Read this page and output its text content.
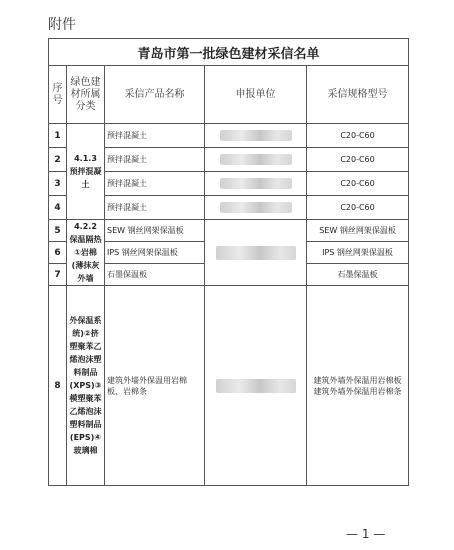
附件
青岛市第一批绿色建材采信名单				
序号	绿色建材所属分类	采信产品名称	申报单位	采信规格型号
1	4.1.3 预拌混凝土	预拌混凝土		C20-C60
2		预拌混凝土		C20-C60
3		预拌混凝土		C20-C60
4		预拌混凝土		C20-C60
5	4.2.2 保温隔热①岩棉(薄抹灰外墙	SEW 钢丝网架保温板		SEW 钢丝网架保温板
6		IPS 钢丝网架保温板		IPS 钢丝网架保温板
7		石墨保温板		石墨保温板
8	外保温系统)②挤塑聚苯乙烯泡沫塑料制品(XPS)③模塑聚苯乙烯泡沫塑料制品(EPS)④玻璃棉	建筑外墙外保温用岩棉板、岩棉条		建筑外墙外保温用岩棉板 建筑外墙外保温用岩棉条
— 1 —
